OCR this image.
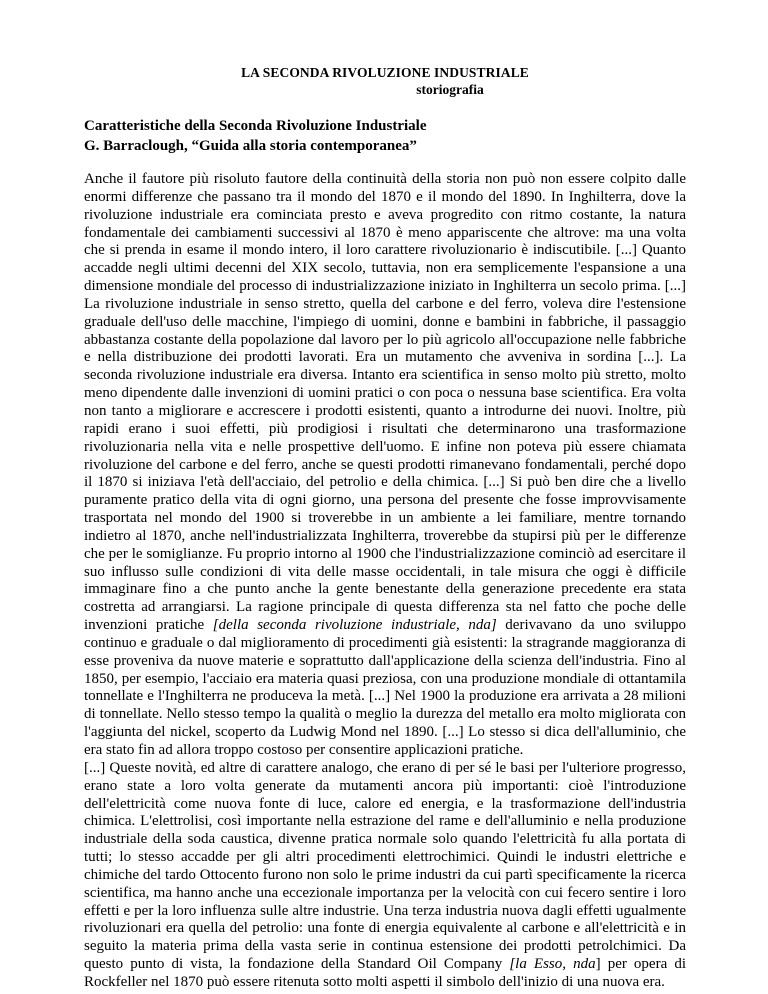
LA SECONDA RIVOLUZIONE INDUSTRIALE
storiografia
Caratteristiche della Seconda Rivoluzione Industriale
G. Barraclough, “Guida alla storia contemporanea”

Anche il fautore più risoluto fautore della continuità della storia non può non essere colpito dalle enormi differenze che passano tra il mondo del 1870 e il mondo del 1890. In Inghilterra, dove la rivoluzione industriale era cominciata presto e aveva progredito con ritmo costante, la natura fondamentale dei cambiamenti successivi al 1870 è meno appariscente che altrove: ma una volta che si prenda in esame il mondo intero, il loro carattere rivoluzionario è indiscutibile. [...] Quanto accadde negli ultimi decenni del XIX secolo, tuttavia, non era semplicemente l'espansione a una dimensione mondiale del processo di industrializzazione iniziato in Inghilterra un secolo prima. [...] La rivoluzione industriale in senso stretto, quella del carbone e del ferro, voleva dire l'estensione graduale dell'uso delle macchine, l'impiego di uomini, donne e bambini in fabbriche, il passaggio abbastanza costante della popolazione dal lavoro per lo più agricolo all'occupazione nelle fabbriche e nella distribuzione dei prodotti lavorati. Era un mutamento che avveniva in sordina [...]. La seconda rivoluzione industriale era diversa. Intanto era scientifica in senso molto più stretto, molto meno dipendente dalle invenzioni di uomini pratici o con poca o nessuna base scientifica. Era volta non tanto a migliorare e accrescere i prodotti esistenti, quanto a introdurne dei nuovi. Inoltre, più rapidi erano i suoi effetti, più prodigiosi i risultati che determinarono una trasformazione rivoluzionaria nella vita e nelle prospettive dell'uomo. E infine non poteva più essere chiamata rivoluzione del carbone e del ferro, anche se questi prodotti rimanevano fondamentali, perché dopo il 1870 si iniziava l'età dell'acciaio, del petrolio e della chimica. [...] Si può ben dire che a livello puramente pratico della vita di ogni giorno, una persona del presente che fosse improvvisamente trasportata nel mondo del 1900 si troverebbe in un ambiente a lei familiare, mentre tornando indietro al 1870, anche nell'industrializzata Inghilterra, troverebbe da stupirsi più per le differenze che per le somiglianze. Fu proprio intorno al 1900 che l'industrializzazione cominciò ad esercitare il suo influsso sulle condizioni di vita delle masse occidentali, in tale misura che oggi è difficile immaginare fino a che punto anche la gente benestante della generazione precedente era stata costretta ad arrangiarsi. La ragione principale di questa differenza sta nel fatto che poche delle invenzioni pratiche [della seconda rivoluzione industriale, nda] derivavano da uno sviluppo continuo e graduale o dal miglioramento di procedimenti già esistenti: la stragrande maggioranza di esse proveniva da nuove materie e soprattutto dall'applicazione della scienza dell'industria. Fino al 1850, per esempio, l'acciaio era materia quasi preziosa, con una produzione mondiale di ottantamila tonnellate e l'Inghilterra ne produceva la metà. [...] Nel 1900 la produzione era arrivata a 28 milioni di tonnellate. Nello stesso tempo la qualità o meglio la durezza del metallo era molto migliorata con l'aggiunta del nickel, scoperto da Ludwig Mond nel 1890. [...] Lo stesso si dica dell'alluminio, che era stato fin ad allora troppo costoso per consentire applicazioni pratiche.

[...] Queste novità, ed altre di carattere analogo, che erano di per sé le basi per l'ulteriore progresso, erano state a loro volta generate da mutamenti ancora più importanti: cioè l'introduzione dell'elettricità come nuova fonte di luce, calore ed energia, e la trasformazione dell'industria chimica. L'elettrolisi, così importante nella estrazione del rame e dell'alluminio e nella produzione industriale della soda caustica, divenne pratica normale solo quando l'elettricità fu alla portata di tutti; lo stesso accadde per gli altri procedimenti elettrochimici. Quindi le industri elettriche e chimiche del tardo Ottocento furono non solo le prime industri da cui partì specificamente la ricerca scientifica, ma hanno anche una eccezionale importanza per la velocità con cui fecero sentire i loro effetti e per la loro influenza sulle altre industrie. Una terza industria nuova dagli effetti ugualmente rivoluzionari era quella del petrolio: una fonte di energia equivalente al carbone e all'elettricità e in seguito la materia prima della vasta serie in continua estensione dei prodotti petrolchimici. Da questo punto di vista, la fondazione della Standard Oil Company [la Esso, nda] per opera di Rockfeller nel 1870 può essere ritenuta sotto molti aspetti il simbolo dell'inizio di una nuova era.
